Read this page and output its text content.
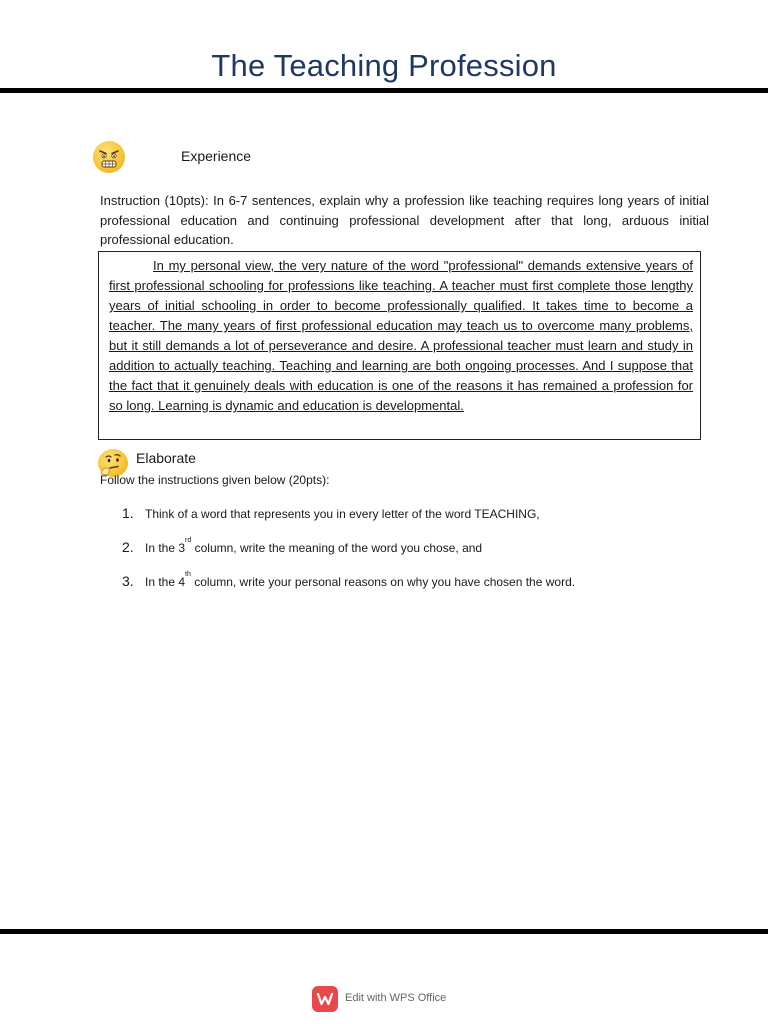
The Teaching Profession
Experience
Instruction (10pts): In 6-7 sentences, explain why a profession like teaching requires long years of initial professional education and continuing professional development after that long, arduous initial professional education.
In my personal view, the very nature of the word "professional" demands extensive years of first professional schooling for professions like teaching. A teacher must first complete those lengthy years of initial schooling in order to become professionally qualified. It takes time to become a teacher. The many years of first professional education may teach us to overcome many problems, but it still demands a lot of perseverance and desire. A professional teacher must learn and study in addition to actually teaching. Teaching and learning are both ongoing processes. And I suppose that the fact that it genuinely deals with education is one of the reasons it has remained a profession for so long. Learning is dynamic and education is developmental.
Elaborate
Follow the instructions given below (20pts):
1. Think of a word that represents you in every letter of the word TEACHING,
2. In the 3rd column, write the meaning of the word you chose, and
3. In the 4th column, write your personal reasons on why you have chosen the word.
Edit with WPS Office
